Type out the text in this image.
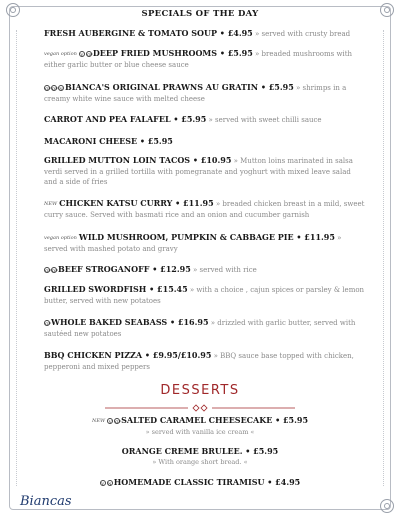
SPECIALS OF THE DAY
FRESH AUBERGINE & TOMATO SOUP • £4.95 » served with crusty bread
vegan option V GFDEEP FRIED MUSHROOMS • £5.95 » breaded mushrooms with either garlic butter or blue cheese sauce
GFDFN BIANCA'S ORIGINAL PRAWNS AU GRATIN • £5.95 » shrimps in a creamy white wine sauce with melted cheese
CARROT AND PEA FALAFEL • £5.95 » served with sweet chilli sauce
MACARONI CHEESE • £5.95
GRILLED MUTTON LOIN TACOS • £10.95 » Mutton loins marinated in salsa verdi served in a grilled tortilla with pomegranate and yoghurt with mixed leave salad and a side of fries
NEW CHICKEN KATSU CURRY • £11.95 » breaded chicken breast in a mild, sweet curry sauce. Served with basmati rice and an onion and cucumber garnish
vegan option WILD MUSHROOM, PUMPKIN & CABBAGE PIE • £11.95 » served with mashed potato and gravy
GFDFBEEF STROGANOFF • £12.95 » served with rice
GRILLED SWORDFISH • £15.45 » with a choice , cajun spices or parsley & lemon butter, served with new potatoes
GFWHOLE BAKED SEABASS • £16.95 » drizzled with garlic butter, served with sautéed new potatoes
BBQ CHICKEN PIZZA • £9.95/£10.95 » BBQ sauce base topped with chicken, pepperoni and mixed peppers
DESSERTS
NEW V GFSALTED CARAMEL CHEESECAKE • £5.95
» served with vanilla ice cream «
ORANGE CREME BRULEE. • £5.95
» With orange short bread. «
V N HOMEMADE CLASSIC TIRAMISU • £4.95
Biancas
